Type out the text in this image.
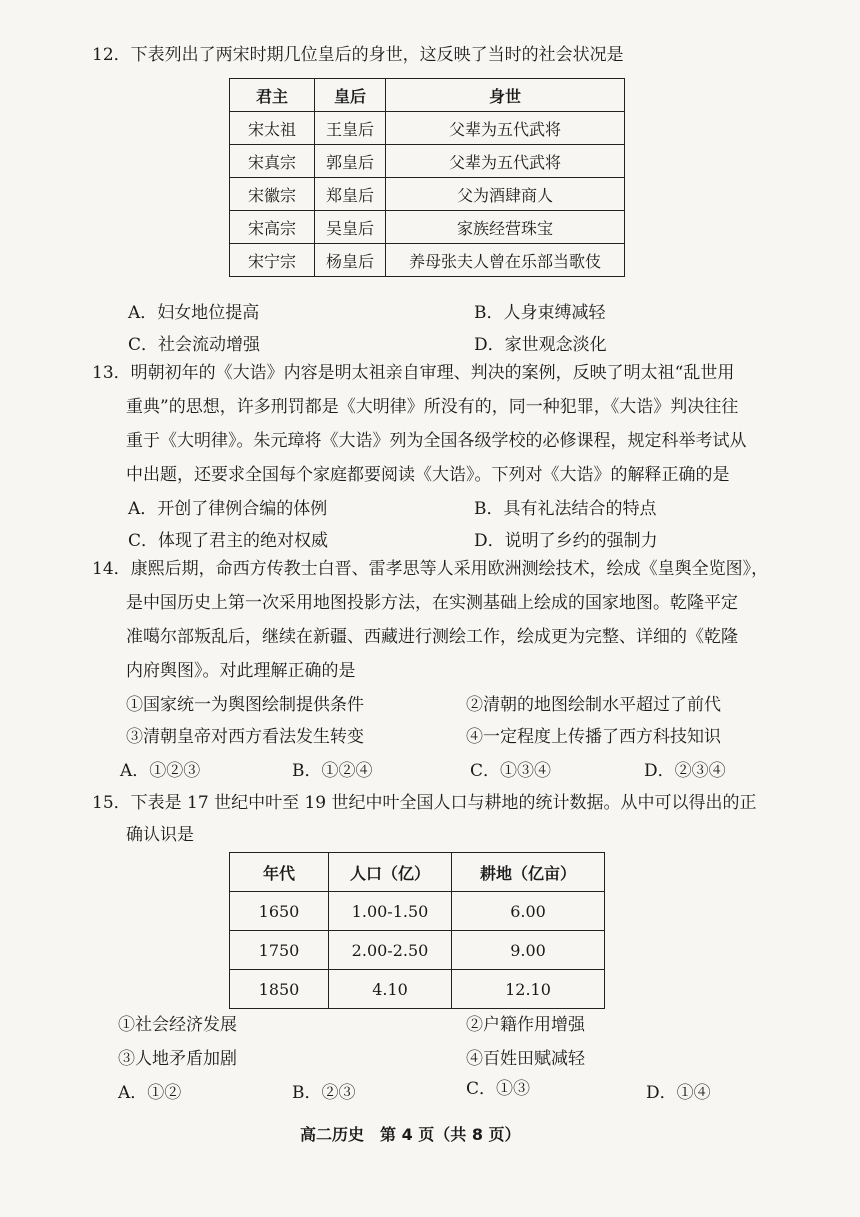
12．下表列出了两宋时期几位皇后的身世，这反映了当时的社会状况是
君主	皇后	身世
宋太祖	王皇后	父辈为五代武将
宋真宗	郭皇后	父辈为五代武将
宋徽宗	郑皇后	父为酒肆商人
宋高宗	吴皇后	家族经营珠宝
宋宁宗	杨皇后	养母张夫人曾在乐部当歌伎
A．妇女地位提高	B．人身束缚减轻
C．社会流动增强	D．家世观念淡化
13．明朝初年的《大诰》内容是明太祖亲自审理、判决的案例，反映了明太祖“乱世用
重典”的思想，许多刑罚都是《大明律》所没有的，同一种犯罪，《大诰》判决往往
重于《大明律》。朱元璋将《大诰》列为全国各级学校的必修课程，规定科举考试从
中出题，还要求全国每个家庭都要阅读《大诰》。下列对《大诰》的解释正确的是
A．开创了律例合编的体例	B．具有礼法结合的特点
C．体现了君主的绝对权威	D．说明了乡约的强制力
14．康熙后期，命西方传教士白晋、雷孝思等人采用欧洲测绘技术，绘成《皇舆全览图》，
是中国历史上第一次采用地图投影方法，在实测基础上绘成的国家地图。乾隆平定
准噶尔部叛乱后，继续在新疆、西藏进行测绘工作，绘成更为完整、详细的《乾隆
内府舆图》。对此理解正确的是
①国家统一为舆图绘制提供条件	②清朝的地图绘制水平超过了前代
③清朝皇帝对西方看法发生转变	④一定程度上传播了西方科技知识
A．①②③	B．①②④	C．①③④	D．②③④
15．下表是 17 世纪中叶至 19 世纪中叶全国人口与耕地的统计数据。从中可以得出的正
确认识是
年代	人口（亿）	耕地（亿亩）
1650	1.00-1.50	6.00
1750	2.00-2.50	9.00
1850	4.10	12.10
①社会经济发展	②户籍作用增强
③人地矛盾加剧	④百姓田赋减轻
A．①②	B．②③	C．①③	D．①④
高二历史　第 4 页（共 8 页）
